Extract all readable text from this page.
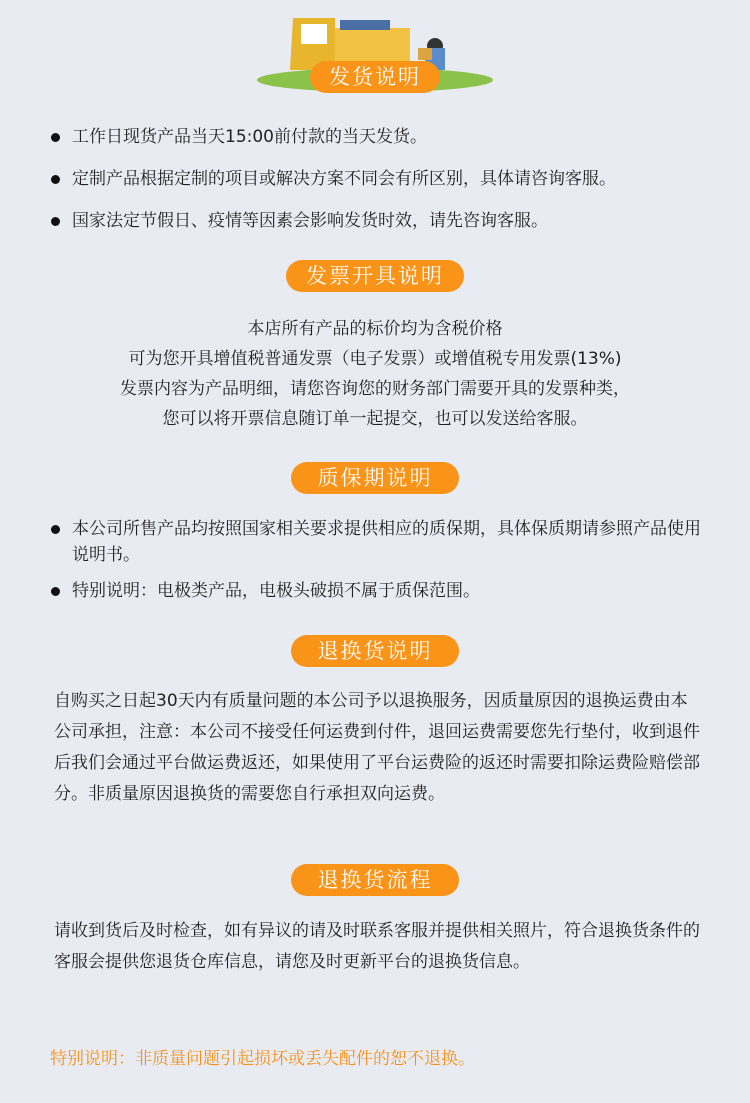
发货说明
工作日现货产品当天15:00前付款的当天发货。
定制产品根据定制的项目或解决方案不同会有所区别，具体请咨询客服。
国家法定节假日、疫情等因素会影响发货时效，请先咨询客服。
发票开具说明
本店所有产品的标价均为含税价格
可为您开具增值税普通发票（电子发票）或增值税专用发票(13%)
发票内容为产品明细，请您咨询您的财务部门需要开具的发票种类，
您可以将开票信息随订单一起提交，也可以发送给客服。
质保期说明
本公司所售产品均按照国家相关要求提供相应的质保期，具体保质期请参照产品使用说明书。
特别说明：电极类产品，电极头破损不属于质保范围。
退换货说明
自购买之日起30天内有质量问题的本公司予以退换服务，因质量原因的退换运费由本公司承担，注意：本公司不接受任何运费到付件，退回运费需要您先行垫付，收到退件后我们会通过平台做运费返还，如果使用了平台运费险的返还时需要扣除运费险赔偿部分。非质量原因退换货的需要您自行承担双向运费。
退换货流程
请收到货后及时检查，如有异议的请及时联系客服并提供相关照片，符合退换货条件的客服会提供您退货仓库信息，请您及时更新平台的退换货信息。
特别说明：非质量问题引起损坏或丢失配件的恕不退换。
